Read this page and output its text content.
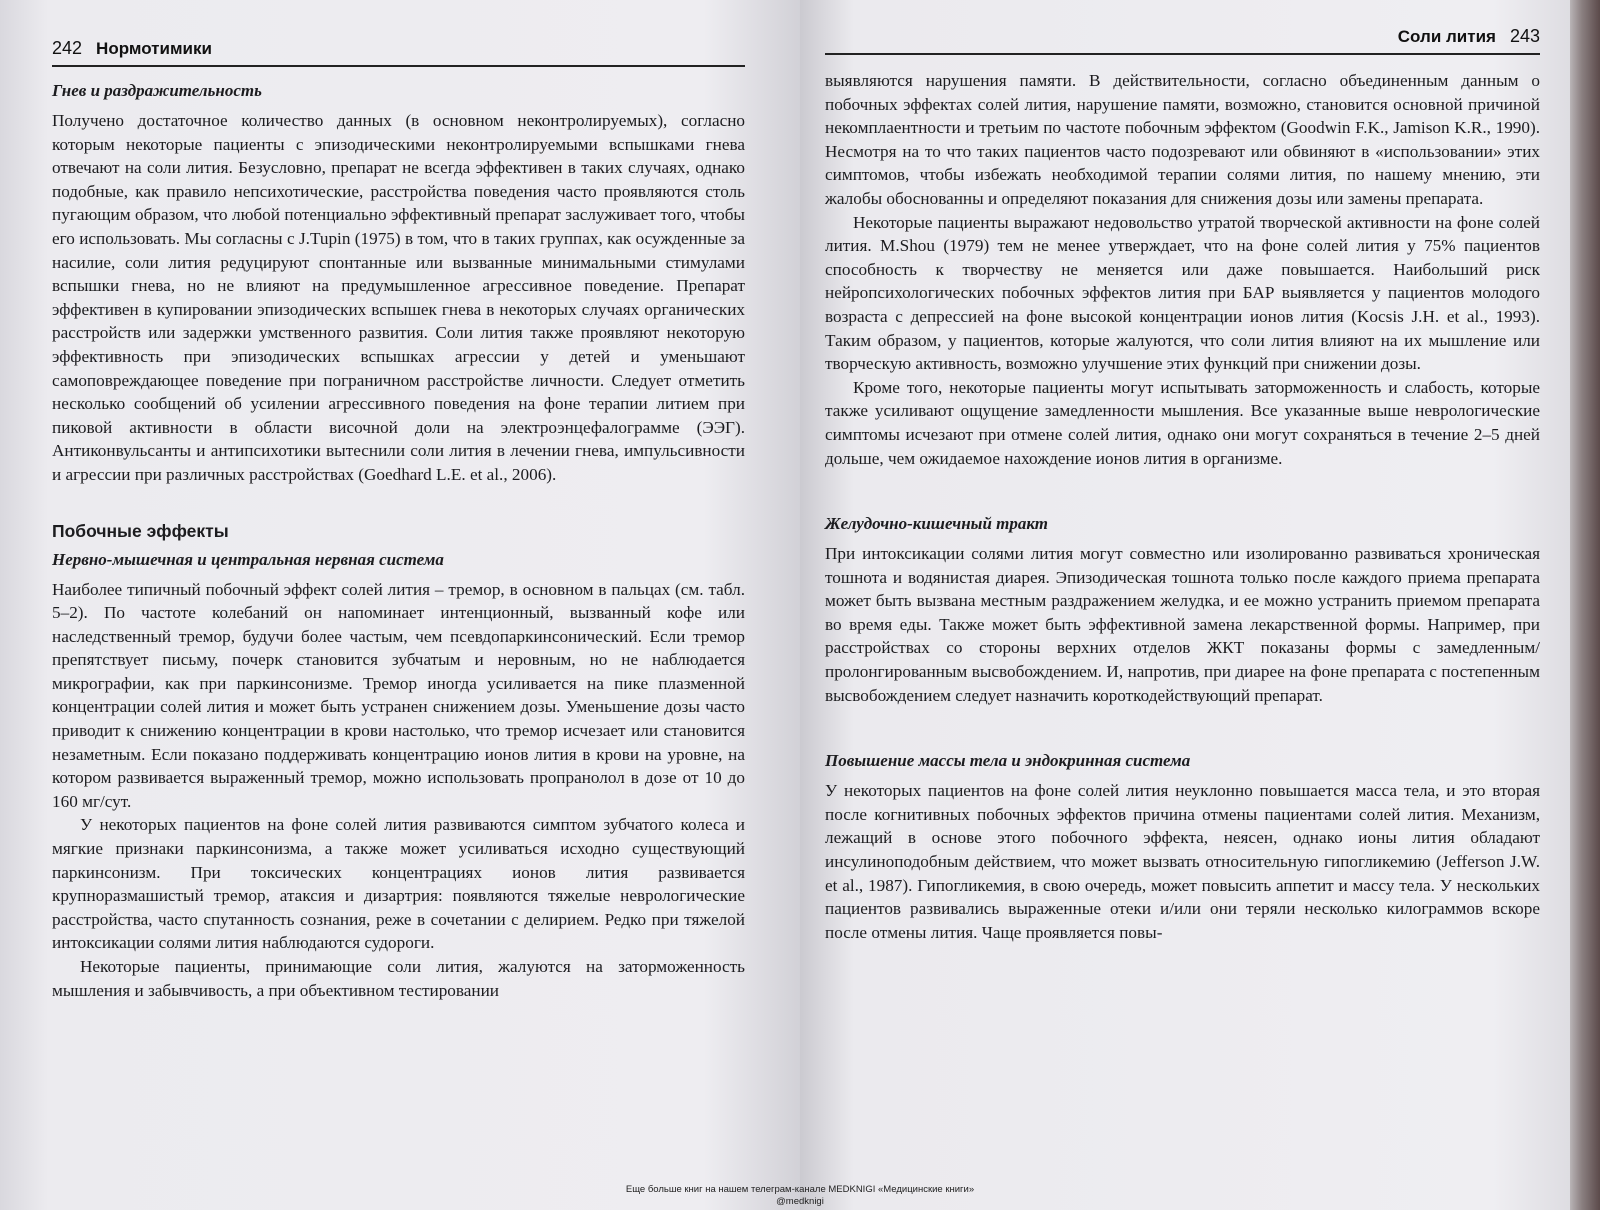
242 Нормотимики
Гнев и раздражительность

Получено достаточное количество данных (в основном неконтролируемых), согласно которым некоторые пациенты с эпизодическими неконтролируемыми вспышками гнева отвечают на соли лития. Безусловно, препарат не всегда эффективен в таких случаях, однако подобные, как правило непсихотические, расстройства поведения часто проявляются столь пугающим образом, что любой потенциально эффективный препарат заслуживает того, чтобы его использовать. Мы согласны с J.Tupin (1975) в том, что в таких группах, как осужденные за насилие, соли лития редуцируют спонтанные или вызванные минимальными стимулами вспышки гнева, но не влияют на предумышленное агрессивное поведение. Препарат эффективен в купировании эпизодических вспышек гнева в некоторых случаях органических расстройств или задержки умственного развития. Соли лития также проявляют некоторую эффективность при эпизодических вспышках агрессии у детей и уменьшают самоповреждающее поведение при пограничном расстройстве личности. Следует отметить несколько сообщений об усилении агрессивного поведения на фоне терапии литием при пиковой активности в области височной доли на электроэнцефалограмме (ЭЭГ). Антиконвульсанты и антипсихотики вытеснили соли лития в лечении гнева, импульсивности и агрессии при различных расстройствах (Goedhard L.E. et al., 2006).

Побочные эффекты
Нервно-мышечная и центральная нервная система

Наиболее типичный побочный эффект солей лития – тремор, в основном в пальцах (см. табл. 5–2). По частоте колебаний он напоминает интенционный, вызванный кофе или наследственный тремор, будучи более частым, чем псевдопаркинсонический. Если тремор препятствует письму, почерк становится зубчатым и неровным, но не наблюдается микрографии, как при паркинсонизме. Тремор иногда усиливается на пике плазменной концентрации солей лития и может быть устранен снижением дозы. Уменьшение дозы часто приводит к снижению концентрации в крови настолько, что тремор исчезает или становится незаметным. Если показано поддерживать концентрацию ионов лития в крови на уровне, на котором развивается выраженный тремор, можно использовать пропранолол в дозе от 10 до 160 мг/сут.

У некоторых пациентов на фоне солей лития развиваются симптом зубчатого колеса и мягкие признаки паркинсонизма, а также может усиливаться исходно существующий паркинсонизм. При токсических концентрациях ионов лития развивается крупноразмашистый тремор, атаксия и дизартрия: появляются тяжелые неврологические расстройства, часто спутанность сознания, реже в сочетании с делирием. Редко при тяжелой интоксикации солями лития наблюдаются судороги.

Некоторые пациенты, принимающие соли лития, жалуются на заторможенность мышления и забывчивость, а при объективном тестировании

Соли лития 243

выявляются нарушения памяти. В действительности, согласно объединенным данным о побочных эффектах солей лития, нарушение памяти, возможно, становится основной причиной некомплаентности и третьим по частоте побочным эффектом (Goodwin F.K., Jamison K.R., 1990). Несмотря на то что таких пациентов часто подозревают или обвиняют в «использовании» этих симптомов, чтобы избежать необходимой терапии солями лития, по нашему мнению, эти жалобы обоснованны и определяют показания для снижения дозы или замены препарата.

Некоторые пациенты выражают недовольство утратой творческой активности на фоне солей лития. M.Shou (1979) тем не менее утверждает, что на фоне солей лития у 75% пациентов способность к творчеству не меняется или даже повышается. Наибольший риск нейропсихологических побочных эффектов лития при БАР выявляется у пациентов молодого возраста с депрессией на фоне высокой концентрации ионов лития (Kocsis J.H. et al., 1993). Таким образом, у пациентов, которые жалуются, что соли лития влияют на их мышление или творческую активность, возможно улучшение этих функций при снижении дозы.

Кроме того, некоторые пациенты могут испытывать заторможенность и слабость, которые также усиливают ощущение замедленности мышления. Все указанные выше неврологические симптомы исчезают при отмене солей лития, однако они могут сохраняться в течение 2–5 дней дольше, чем ожидаемое нахождение ионов лития в организме.

Желудочно-кишечный тракт

При интоксикации солями лития могут совместно или изолированно развиваться хроническая тошнота и водянистая диарея. Эпизодическая тошнота только после каждого приема препарата может быть вызвана местным раздражением желудка, и ее можно устранить приемом препарата во время еды. Также может быть эффективной замена лекарственной формы. Например, при расстройствах со стороны верхних отделов ЖКТ показаны формы с замедленным/пролонгированным высвобождением. И, напротив, при диарее на фоне препарата с постепенным высвобождением следует назначить короткодействующий препарат.

Повышение массы тела и эндокринная система

У некоторых пациентов на фоне солей лития неуклонно повышается масса тела, и это вторая после когнитивных побочных эффектов причина отмены пациентами солей лития. Механизм, лежащий в основе этого побочного эффекта, неясен, однако ионы лития обладают инсулиноподобным действием, что может вызвать относительную гипогликемию (Jefferson J.W. et al., 1987). Гипогликемия, в свою очередь, может повысить аппетит и массу тела. У нескольких пациентов развивались выраженные отеки и/или они теряли несколько килограммов вскоре после отмены лития. Чаще проявляется повы-

Еще больше книг на нашем телеграм-канале MEDKNIGI «Медицинские книги»
@medknigi
